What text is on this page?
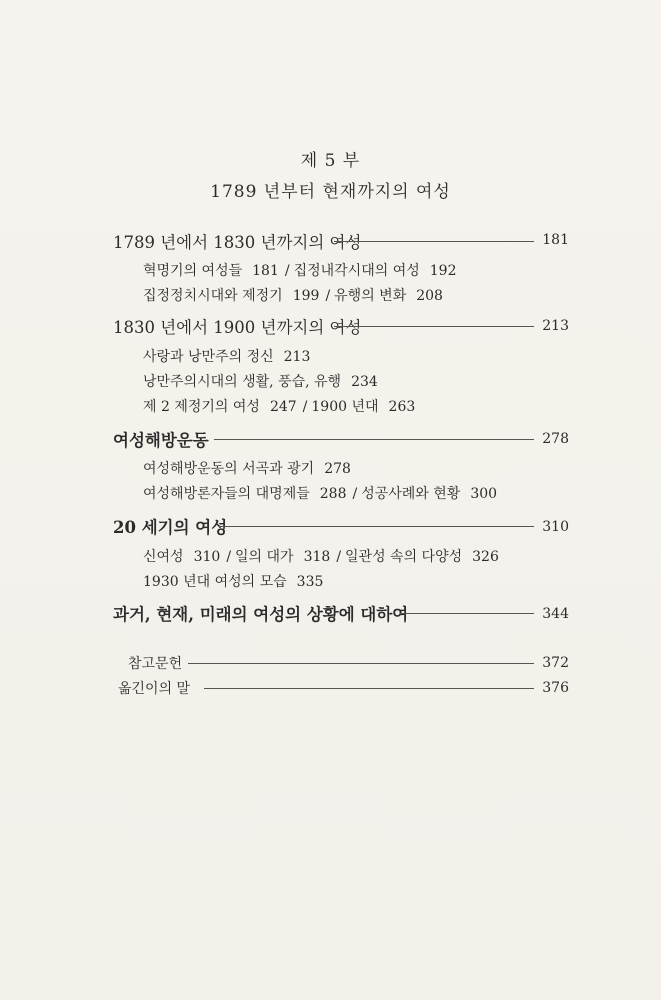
제 5 부
1789 년부터 현재까지의 여성
1789 년에서 1830 년까지의 여성	181
혁명기의 여성들 181 / 집정내각시대의 여성 192
집정정치시대와 제정기 199 / 유행의 변화 208
1830 년에서 1900 년까지의 여성	213
사랑과 낭만주의 정신 213
낭만주의시대의 생활, 풍습, 유행 234
제 2 제정기의 여성 247 / 1900 년대 263
여성해방운동	278
여성해방운동의 서곡과 광기 278
여성해방론자들의 대명제들 288 / 성공사례와 현황 300
20 세기의 여성	310
신여성 310 / 일의 대가 318 / 일관성 속의 다양성 326
1930 년대 여성의 모습 335
과거, 현재, 미래의 여성의 상황에 대하여	344
참고문헌	372
옮긴이의 말	376
